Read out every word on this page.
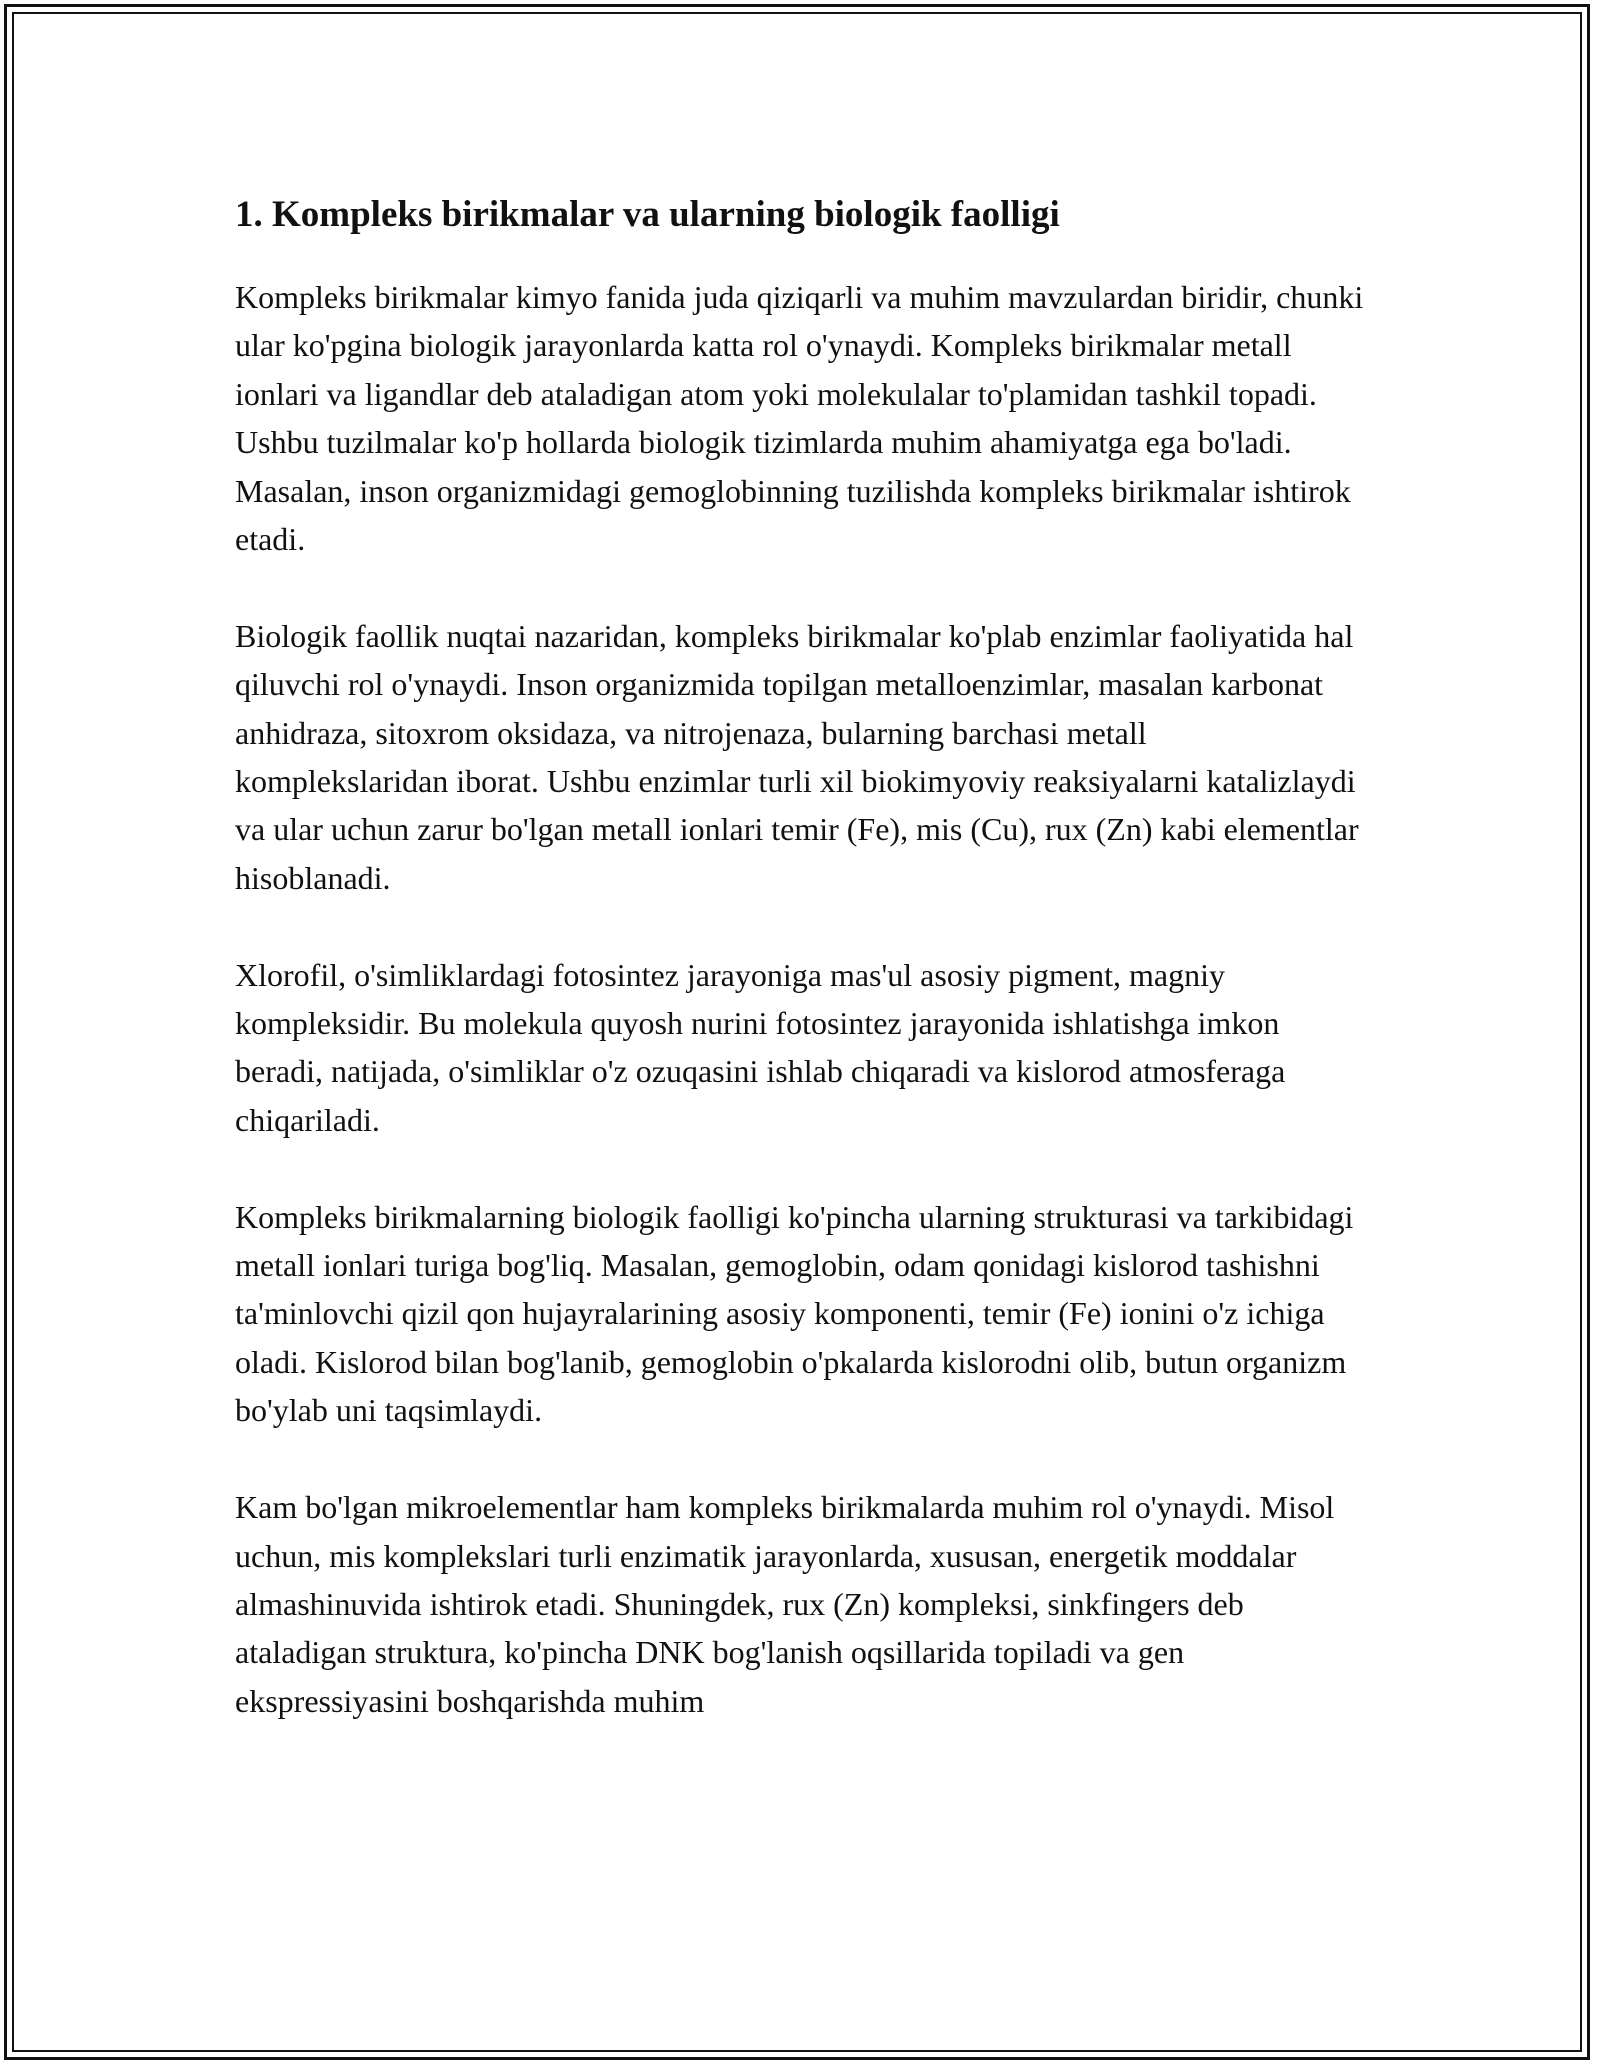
1. Kompleks birikmalar va ularning biologik faolligi

Kompleks birikmalar kimyo fanida juda qiziqarli va muhim mavzulardan biridir, chunki ular ko'pgina biologik jarayonlarda katta rol o'ynaydi. Kompleks birikmalar metall ionlari va ligandlar deb ataladigan atom yoki molekulalar to'plamidan tashkil topadi. Ushbu tuzilmalar ko'p hollarda biologik tizimlarda muhim ahamiyatga ega bo'ladi. Masalan, inson organizmidagi gemoglobinning tuzilishda kompleks birikmalar ishtirok etadi.

Biologik faollik nuqtai nazaridan, kompleks birikmalar ko'plab enzimlar faoliyatida hal qiluvchi rol o'ynaydi. Inson organizmida topilgan metalloenzimlar, masalan karbonat anhidraza, sitoxrom oksidaza, va nitrojenaza, bularning barchasi metall komplekslaridan iborat. Ushbu enzimlar turli xil biokimyoviy reaksiyalarni katalizlaydi va ular uchun zarur bo'lgan metall ionlari temir (Fe), mis (Cu), rux (Zn) kabi elementlar hisoblanadi.

Xlorofil, o'simliklardagi fotosintez jarayoniga mas'ul asosiy pigment, magniy kompleksidir. Bu molekula quyosh nurini fotosintez jarayonida ishlatishga imkon beradi, natijada, o'simliklar o'z ozuqasini ishlab chiqaradi va kislorod atmosferaga chiqariladi.

Kompleks birikmalarning biologik faolligi ko'pincha ularning strukturasi va tarkibidagi metall ionlari turiga bog'liq. Masalan, gemoglobin, odam qonidagi kislorod tashishni ta'minlovchi qizil qon hujayralarining asosiy komponenti, temir (Fe) ionini o'z ichiga oladi. Kislorod bilan bog'lanib, gemoglobin o'pkalarda kislorodni olib, butun organizm bo'ylab uni taqsimlaydi.

Kam bo'lgan mikroelementlar ham kompleks birikmalarda muhim rol o'ynaydi. Misol uchun, mis komplekslari turli enzimatik jarayonlarda, xususan, energetik moddalar almashinuvida ishtirok etadi. Shuningdek, rux (Zn) kompleksi, sinkfingers deb ataladigan struktura, ko'pincha DNK bog'lanish oqsillarida topiladi va gen ekspressiyasini boshqarishda muhim
